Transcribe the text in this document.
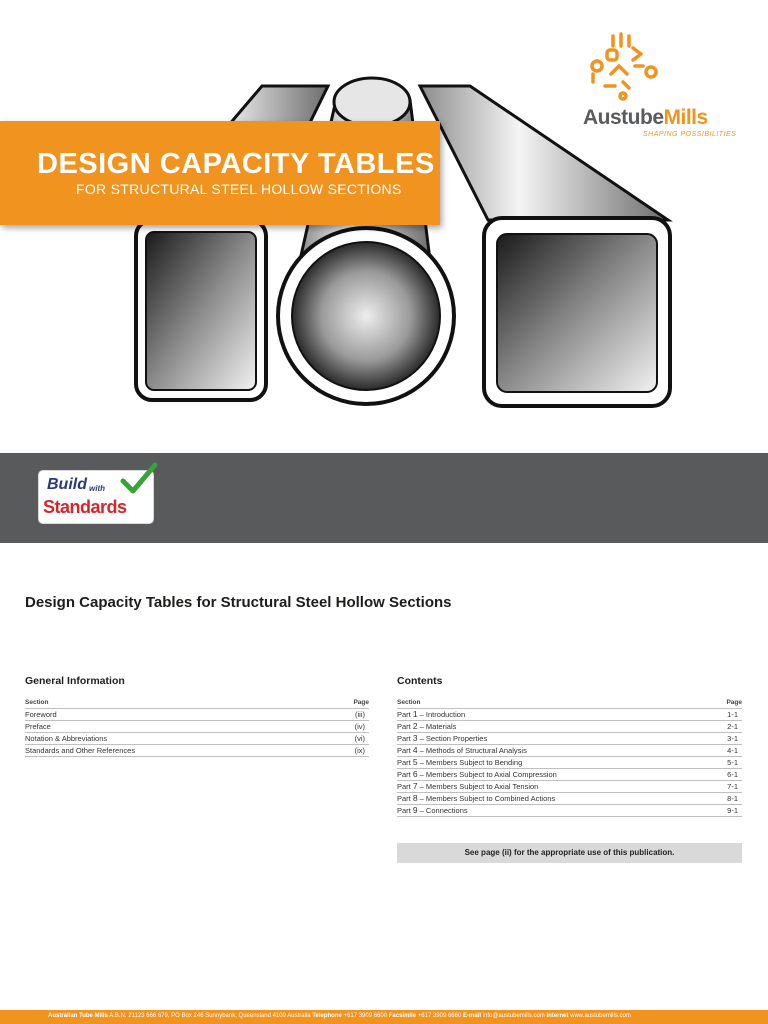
DESIGN CAPACITY TABLES
FOR STRUCTURAL STEEL HOLLOW SECTIONS
AustubeMills
SHAPING POSSIBILITIES
Build with
Standards
Design Capacity Tables for Structural Steel Hollow Sections
General Information
Section	Page
Foreword	(iii)
Preface	(iv)
Notation & Abbreviations	(vi)
Standards and Other References	(ix)
Contents
Section	Page
Part 1 – Introduction	1-1
Part 2 – Materials	2-1
Part 3 – Section Properties	3-1
Part 4 – Methods of Structural Analysis	4-1
Part 5 – Members Subject to Bending	5-1
Part 6 – Members Subject to Axial Compression	6-1
Part 7 – Members Subject to Axial Tension	7-1
Part 8 – Members Subject to Combined Actions	8-1
Part 9 – Connections	9-1
See page (ii) for the appropriate use of this publication.
Australian Tube Mills A.B.N. 21123 666 679, PO Box 246 Sunnybank, Queensland 4109 Australia Telephone +617 3909 6600 Facsimile +617 3909 6660 E-mail info@austubemills.com Internet www.austubemills.com
